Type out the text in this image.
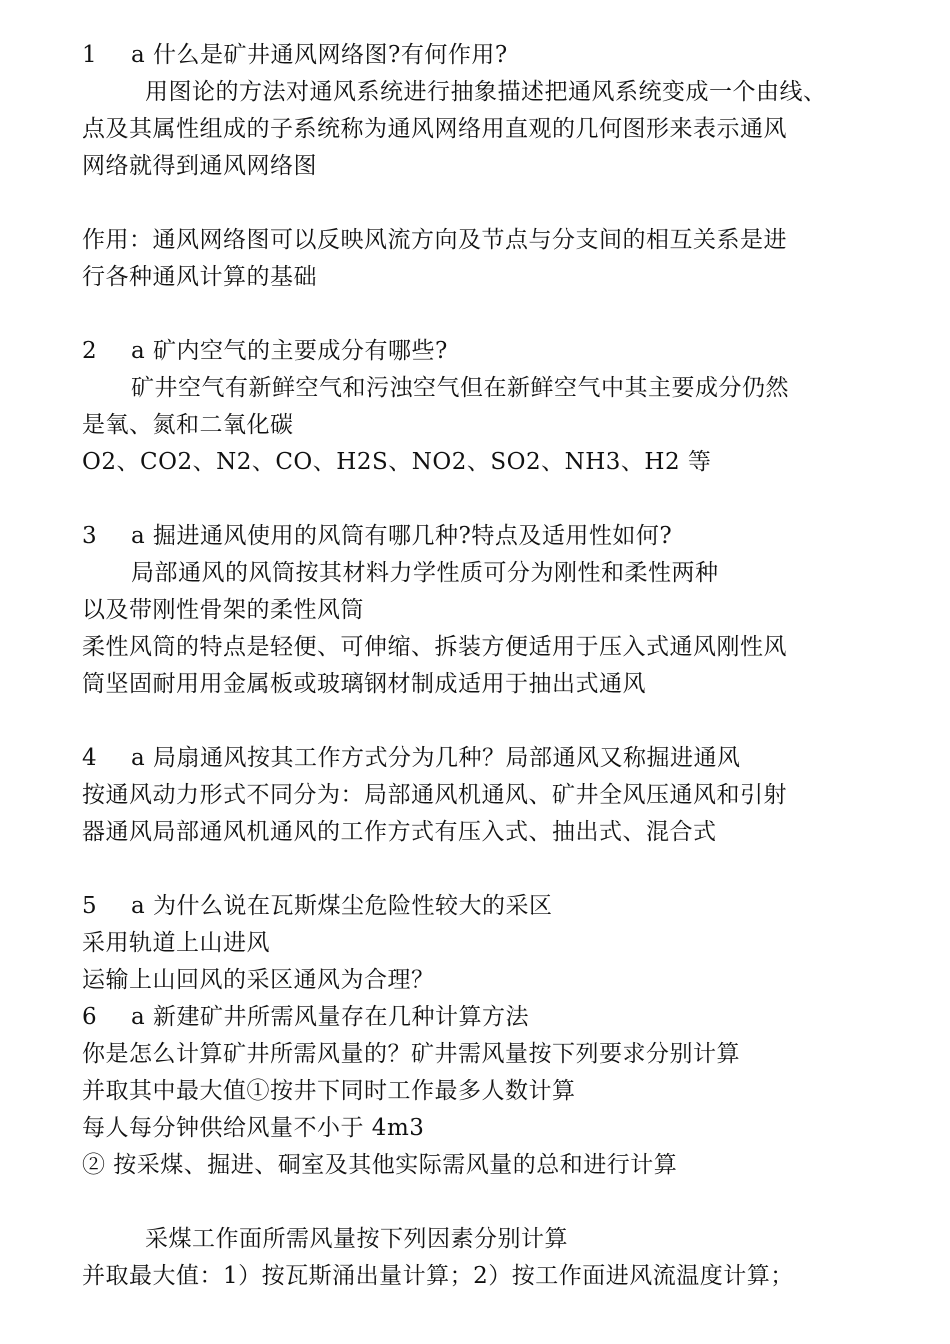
1 a 什么是矿井通风网络图?有何作用?
用图论的方法对通风系统进行抽象描述把通风系统变成一个由线、
点及其属性组成的子系统称为通风网络用直观的几何图形来表示通风
网络就得到通风网络图
作用：通风网络图可以反映风流方向及节点与分支间的相互关系是进
行各种通风计算的基础
2 a 矿内空气的主要成分有哪些?
矿井空气有新鲜空气和污浊空气但在新鲜空气中其主要成分仍然
是氧、氮和二氧化碳
O2、CO2、N2、CO、H2S、NO2、SO2、NH3、H2 等
3 a 掘进通风使用的风筒有哪几种?特点及适用性如何?
局部通风的风筒按其材料力学性质可分为刚性和柔性两种
以及带刚性骨架的柔性风筒
柔性风筒的特点是轻便、可伸缩、拆装方便适用于压入式通风刚性风
筒坚固耐用用金属板或玻璃钢材制成适用于抽出式通风
4 a 局扇通风按其工作方式分为几种？局部通风又称掘进通风
按通风动力形式不同分为：局部通风机通风、矿井全风压通风和引射
器通风局部通风机通风的工作方式有压入式、抽出式、混合式
5 a 为什么说在瓦斯煤尘危险性较大的采区
采用轨道上山进风
运输上山回风的采区通风为合理？
6 a 新建矿井所需风量存在几种计算方法
你是怎么计算矿井所需风量的？矿井需风量按下列要求分别计算
并取其中最大值①按井下同时工作最多人数计算
每人每分钟供给风量不小于 4m3
② 按采煤、掘进、硐室及其他实际需风量的总和进行计算
采煤工作面所需风量按下列因素分别计算
并取最大值：1）按瓦斯涌出量计算；2）按工作面进风流温度计算；
